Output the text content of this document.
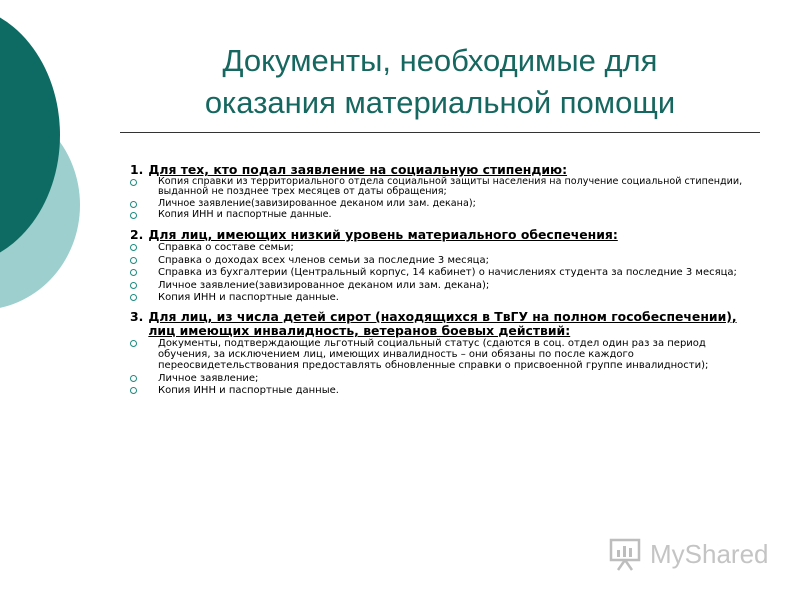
Документы, необходимые для
оказания материальной помощи
1. Для тех, кто подал заявление на социальную стипендию:
Копия справки из территориального отдела социальной защиты населения на получение социальной стипендии, выданной не позднее трех месяцев от даты обращения;
Личное заявление(завизированное деканом или зам. декана);
Копия ИНН и паспортные данные.
2. Для лиц, имеющих низкий уровень материального обеспечения:
Справка о составе семьи;
Справка о доходах всех членов семьи за последние 3 месяца;
Справка из бухгалтерии (Центральный корпус, 14 кабинет) о начислениях студента за последние 3 месяца;
Личное заявление(завизированное деканом или зам. декана);
Копия ИНН и паспортные данные.
3. Для лиц, из числа детей сирот (находящихся в ТвГУ на полном гособеспечении), лиц имеющих инвалидность, ветеранов боевых действий:
Документы, подтверждающие льготный социальный статус (сдаются в соц. отдел один раз за период обучения, за исключением лиц, имеющих инвалидность – они обязаны по после каждого переосвидетельствования предоставлять обновленные справки о присвоенной группе инвалидности);
Личное заявление;
Копия ИНН и паспортные данные.
MyShared
